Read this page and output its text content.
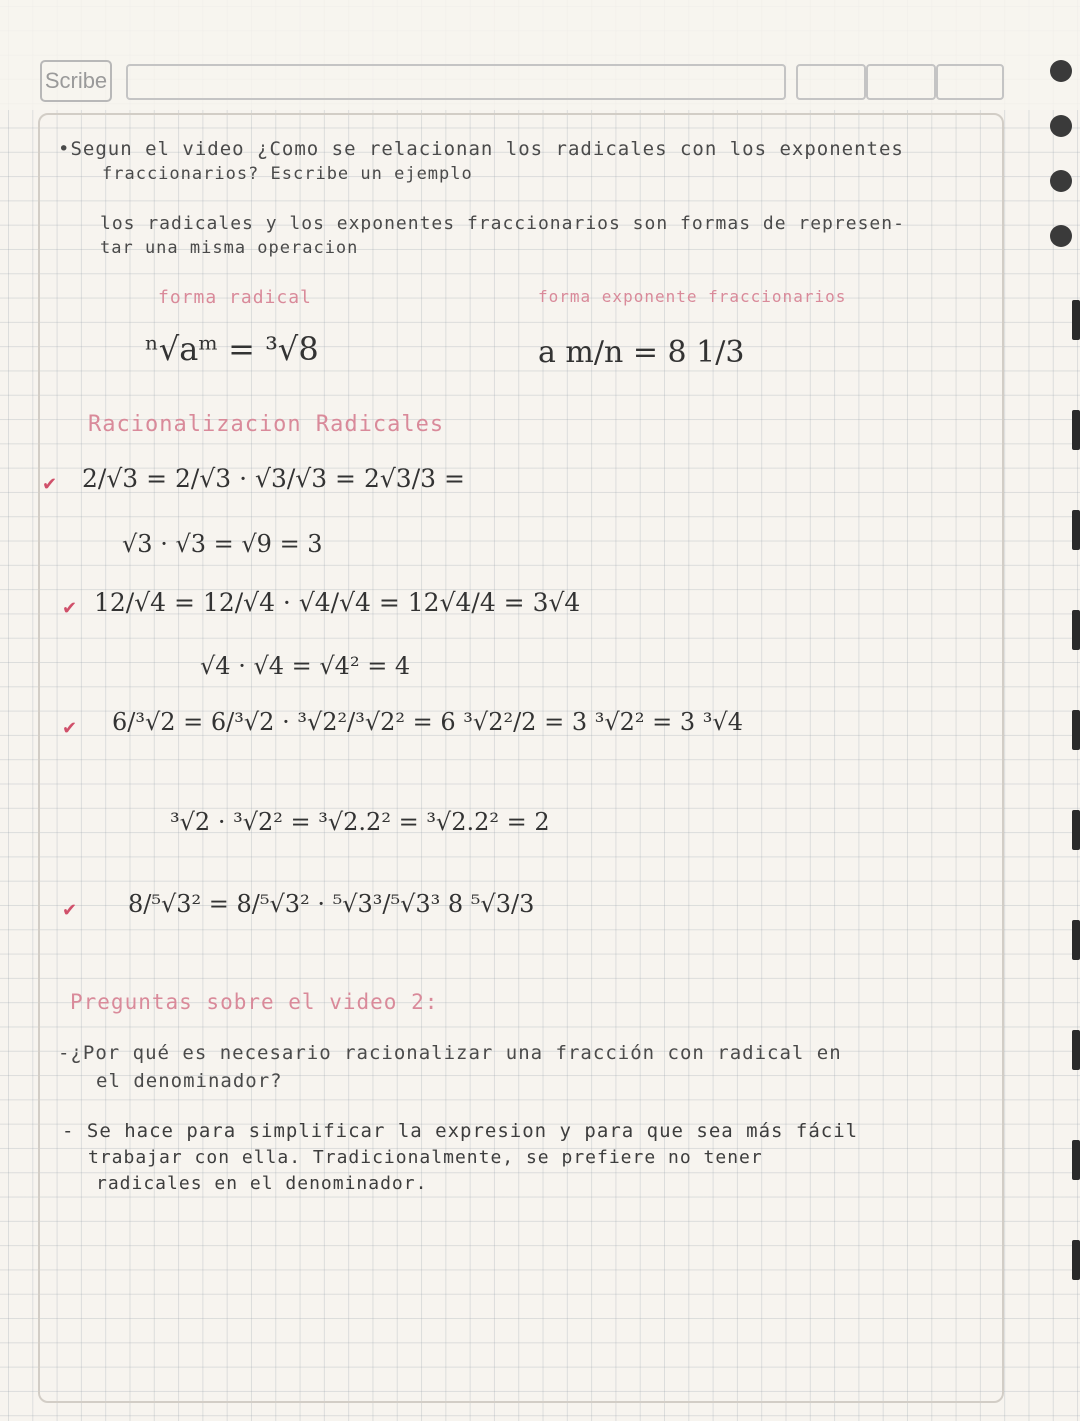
Scribe
•Segun el video ¿Como se relacionan los radicales con los exponentes
fraccionarios? Escribe un ejemplo
los radicales y los exponentes fraccionarios son formas de represen-
tar una misma operacion
forma radical	forma exponente fraccionarios
ⁿ√aᵐ = ³√8	a m/n = 8 1/3
Racionalizacion Radicales
✔ 2/√3 = 2/√3 · √3/√3 = 2√3/3 =
√3 · √3 = √9 = 3
✔ 12/√4 = 12/√4 · √4/√4 = 12√4/4 = 3√4
√4 · √4 = √4² = 4
✔ 6/³√2 = 6/³√2 · ³√2²/³√2² = 6 ³√2²/2 = 3 ³√2² = 3 ³√4
³√2 · ³√2² = ³√2.2² = ³√2.2² = 2
✔ 8/⁵√3² = 8/⁵√3² · ⁵√3³/⁵√3³ 8 ⁵√3/3
Preguntas sobre el video 2:
-¿Por qué es necesario racionalizar una fracción con radical en
el denominador?
- Se hace para simplificar la expresion y para que sea más fácil
trabajar con ella. Tradicionalmente, se prefiere no tener
radicales en el denominador.
